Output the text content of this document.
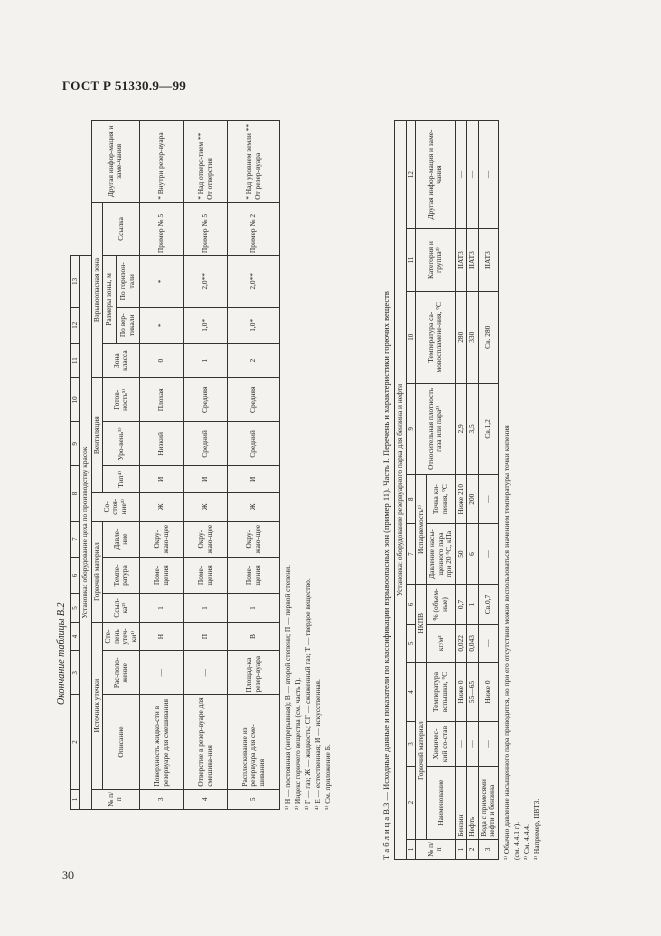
ГОСТ Р 51330.9—99
Окончание таблицы В.2
30
1	2	3	4	5	6	7	8		9	10	11	12	13		
Установка: оборудование цеха по производству красок															
№ п/п	Источник утечки			Горючий материал			Со-стоя-ние³⁾	Вентиляция			Взрывоопасная зона				Другая инфор-мация и заме-чания
	Описание	Рас-поло-жение	Сте-пень утеч-ки¹⁾	Ссыл-ка²⁾	Темпе-ратура	Давле-ние		Тип⁴⁾	Уро-вень⁵⁾	Готов-ность⁵⁾	Зона класса	Размеры зоны, м		Ссылка	
												По вер-тикали	По горизон-тали		
3	Поверхность жидко-сти в резервуаре для смешивания	—	Н	1	Поме-щения	Окру-жаю-щее	Ж	И	Низкий	Плохая	0	*	*	Пример № 5	* Внутри резер-вуара
4	Отверстие в резер-вуаре для смешива-ния	—	П	1	Поме-щения	Окру-жаю-щее	Ж	И	Средний	Средняя	1	1,0*	2,0**	Пример № 5	* Над отверс-тием ** От отверстия
5	Расплескивание из резервуара для сме-шивания	Площад-ка резер-вуара	В	1	Поме-щения	Окру-жаю-щее	Ж	И	Средний	Средняя	2	1,0*	2,0**	Пример № 2	* Над уровнем земли ** От резер-вуара
¹⁾ Н — постоянная (непрерывная); В — второй степени; П — первой степени. ²⁾ Индекс горючего вещества (см. часть I). ³⁾ Г — газ; Ж — жидкость; СГ — сжиженный газ; Т — твердое вещество. ⁴⁾ Е — естественная; И — искусственная. ⁵⁾ См. приложение Б.	Т а б л и ц а В.3 — Исходные данные и показатели по классификации взрывоопасных зон (пример 11). Часть I. Перечень и характеристики горючих веществ Установка: оборудование резервуарного парка для бензина и нефти											
1	2	3	4	5	6	7	8	9	10	11	12
№ п/п	Горючий материал			НКПВ		Испаряемость¹⁾		Относительная плотность газа или пара²⁾	Температура са-мовоспламене-ния, °С	Категория и группа³⁾	Другая инфор-мация и заме-чания
	Наименование	Химичес-кий со-став	Температура вспышки, °С	кг/м³	% (объем-ные)	Давление насы-щенного пара при 20 °С, кПа	Точка ки-пения, °С				

1	Бензин	—	Ниже 0	0,022	0,7	50	Ниже 210	2,9	280	IIАТ3	—
2	Нефть	—	55—65	0,043	1	6	200	3,5	330	IIАТ3	—
3	Вода с примесями нефти и бензина	—	Ниже 0	—	Св.0,7	—	—	Св.1,2	Св. 280	IIАТ3	—
¹⁾ Обычно давление насыщенного пара приводится, но при его отсутствии можно воспользоваться значением температуры точки кипения (см. 4.4.1 г). ²⁾ См. 4.4.4. ³⁾ Например, IIВТ3.
